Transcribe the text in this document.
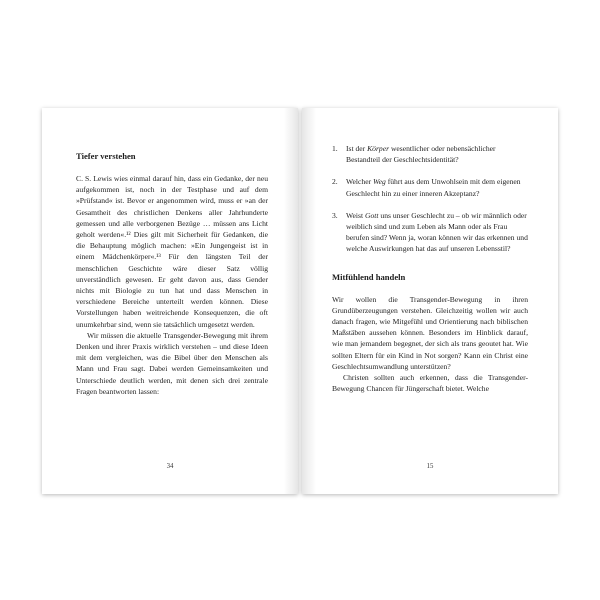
Tiefer verstehen

C. S. Lewis wies einmal darauf hin, dass ein Gedanke, der neu aufgekommen ist, noch in der Testphase und auf dem »Prüfstand« ist. Bevor er angenommen wird, muss er »an der Gesamtheit des christlichen Denkens aller Jahrhunderte gemessen und alle verborgenen Bezüge … müssen ans Licht geholt werden«.¹² Dies gilt mit Sicherheit für Gedanken, die die Behauptung möglich machen: »Ein Jungengeist ist in einem Mädchenkörper«.¹³ Für den längsten Teil der menschlichen Geschichte wäre dieser Satz völlig unverständlich gewesen. Er geht davon aus, dass Gender nichts mit Biologie zu tun hat und dass Menschen in verschiedene Bereiche unterteilt werden können. Diese Vorstellungen haben weitreichende Konsequenzen, die oft unumkehrbar sind, wenn sie tatsächlich umgesetzt werden.

Wir müssen die aktuelle Transgender-Bewegung mit ihrem Denken und ihrer Praxis wirklich verstehen – und diese Ideen mit dem vergleichen, was die Bibel über den Menschen als Mann und Frau sagt. Dabei werden Gemeinsamkeiten und Unterschiede deutlich werden, mit denen sich drei zentrale Fragen beantworten lassen:

34
1. Ist der Körper wesentlicher oder nebensächlicher Bestandteil der Geschlechtsidentität?
2. Welcher Weg führt aus dem Unwohlsein mit dem eigenen Geschlecht hin zu einer inneren Akzeptanz?
3. Weist Gott uns unser Geschlecht zu – ob wir männlich oder weiblich sind und zum Leben als Mann oder als Frau berufen sind? Wenn ja, woran können wir das erkennen und welche Auswirkungen hat das auf unseren Lebensstil?
Mitfühlend handeln

Wir wollen die Transgender-Bewegung in ihren Grundüberzeugungen verstehen. Gleichzeitig wollen wir auch danach fragen, wie Mitgefühl und Orientierung nach biblischen Maßstäben aussehen können. Besonders im Hinblick darauf, wie man jemandem begegnet, der sich als trans geoutet hat. Wie sollten Eltern für ein Kind in Not sorgen? Kann ein Christ eine Geschlechtsumwandlung unterstützen?

Christen sollten auch erkennen, dass die Transgender-Bewegung Chancen für Jüngerschaft bietet. Welche

15
